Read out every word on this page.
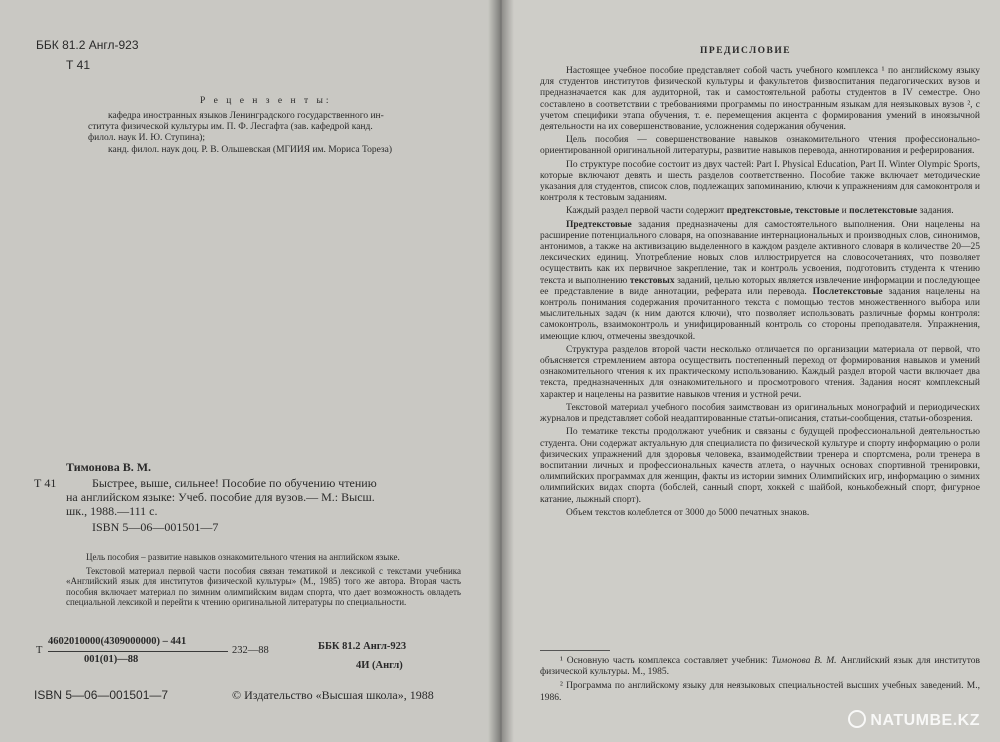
ББК 81.2 Англ-923
Т 41
Р е ц е н з е н т ы:
кафедра иностранных языков Ленинградского государственного ин-
ститута физической культуры им. П. Ф. Лесгафта (зав. кафедрой канд.
филол. наук И. Ю. Ступина);
канд. филол. наук доц. Р. В. Ольшевская (МГИИЯ им. Мориса Тореза)
Т 41
Тимонова В. М.
Быстрее, выше, сильнее! Пособие по обучению чтению
на английском языке: Учеб. пособие для вузов.— М.: Высш.
шк., 1988.—111 с.
ISBN 5—06—001501—7

Цель пособия – развитие навыков ознакомительного чтения на английском языке.

Текстовой материал первой части пособия связан тематикой и лексикой с текстами учебника «Английский язык для институтов физической культуры» (М., 1985) того же автора. Вторая часть пособия включает материал по зимним олимпийским видам спорта, что дает возможность овладеть специальной лексикой и перейти к чтению оригинальной литературы по специальности.

Т
4602010000(4309000000) – 441
001(01)—88
232—88	ББК 81.2 Англ-923
4И (Англ)
ISBN 5—06—001501—7	© Издательство «Высшая школа», 1988
ПРЕДИСЛОВИЕ

Настоящее учебное пособие представляет собой часть учебного комплекса ¹ по английскому языку для студентов институтов физической культуры и факультетов физвоспитания педагогических вузов и предназначается как для аудиторной, так и самостоятельной работы студентов в IV семестре. Оно составлено в соответствии с требованиями программы по иностранным языкам для неязыковых вузов ², с учетом специфики этапа обучения, т. е. перемещения акцента с формирования умений в иноязычной деятельности на их совершенствование, усложнения содержания обучения.

Цель пособия — совершенствование навыков ознакомительного чтения профессионально-ориентированной оригинальной литературы, развитие навыков перевода, аннотирования и реферирования.

По структуре пособие состоит из двух частей: Part I. Physical Education, Part II. Winter Olympic Sports, которые включают девять и шесть разделов соответственно. Пособие также включает методические указания для студентов, список слов, подлежащих запоминанию, ключи к упражнениям для самоконтроля и контроля к тестовым заданиям.

Каждый раздел первой части содержит предтекстовые, текстовые и послетекстовые задания.

Предтекстовые задания предназначены для самостоятельного выполнения. Они нацелены на расширение потенциального словаря, на опознавание интернациональных и производных слов, синонимов, антонимов, а также на активизацию выделенного в каждом разделе активного словаря в количестве 20—25 лексических единиц. Употребление новых слов иллюстрируется на словосочетаниях, что позволяет осуществить как их первичное закрепление, так и контроль усвоения, подготовить студента к чтению текста и выполнению текстовых заданий, целью которых является извлечение информации и последующее ее представление в виде аннотации, реферата или перевода. Послетекстовые задания нацелены на контроль понимания содержания прочитанного текста с помощью тестов множественного выбора или мыслительных задач (к ним даются ключи), что позволяет использовать различные формы контроля: самоконтроль, взаимоконтроль и унифицированный контроль со стороны преподавателя. Упражнения, имеющие ключ, отмечены звездочкой.

Структура разделов второй части несколько отличается по организации материала от первой, что объясняется стремлением автора осуществить постепенный переход от формирования навыков и умений ознакомительного чтения к их практическому использованию. Каждый раздел второй части включает два текста, предназначенных для ознакомительного и просмотрового чтения. Задания носят комплексный характер и нацелены на развитие навыков чтения и устной речи.

Текстовой материал учебного пособия заимствован из оригинальных монографий и периодических журналов и представляет собой неадаптированные статьи-описания, статьи-сообщения, статьи-обозрения.

По тематике тексты продолжают учебник и связаны с будущей профессиональной деятельностью студента. Они содержат актуальную для специалиста по физической культуре и спорту информацию о роли физических упражнений для здоровья человека, взаимодействии тренера и спортсмена, роли тренера в воспитании личных и профессиональных качеств атлета, о научных основах спортивной тренировки, олимпийских программах для женщин, факты из истории зимних Олимпийских игр, информацию о зимних олимпийских видах спорта (бобслей, санный спорт, хоккей с шайбой, конькобежный спорт, фигурное катание, лыжный спорт).

Объем текстов колеблется от 3000 до 5000 печатных знаков.

¹ Основную часть комплекса составляет учебник: Тимонова В. М. Английский язык для институтов физической культуры. М., 1985.

² Программа по английскому языку для неязыковых специальностей высших учебных заведений. М., 1986.

NATUMBE.KZ
